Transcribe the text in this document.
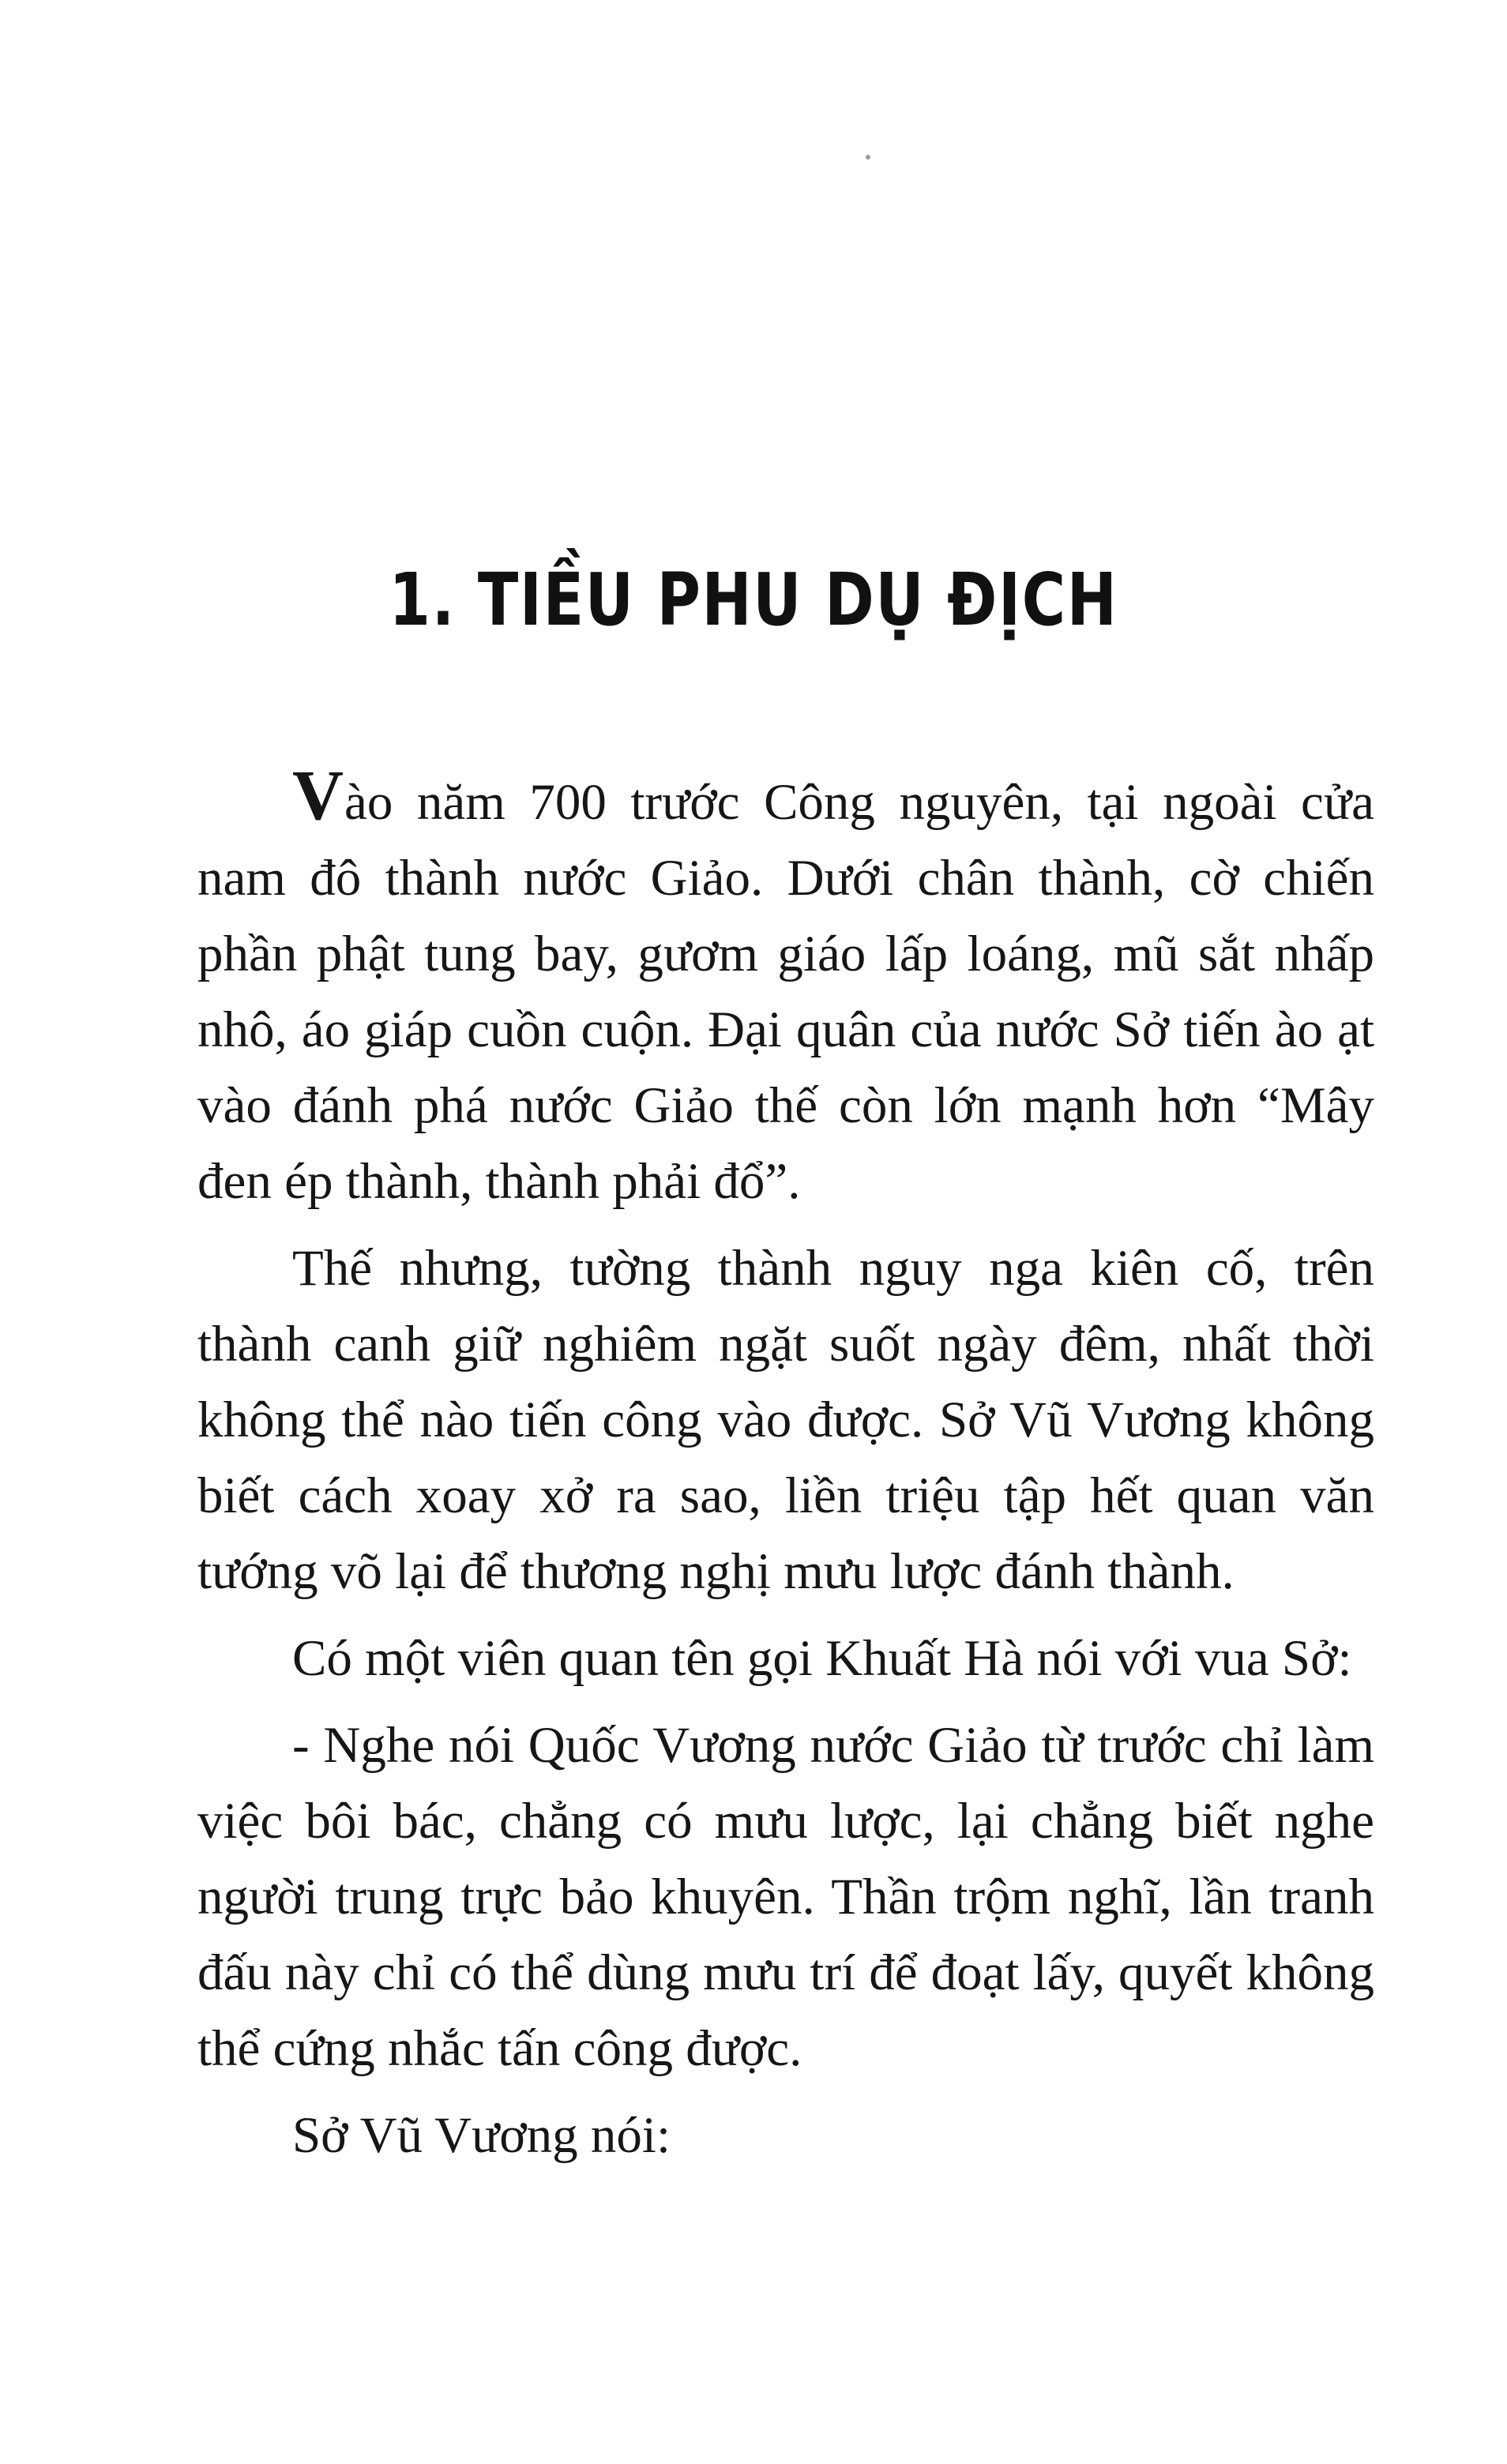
1. TIỀU PHU DỤ ĐỊCH

Vào năm 700 trước Công nguyên, tại ngoài cửa nam đô thành nước Giảo. Dưới chân thành, cờ chiến phần phật tung bay, gươm giáo lấp loáng, mũ sắt nhấp nhô, áo giáp cuồn cuộn. Đại quân của nước Sở tiến ào ạt vào đánh phá nước Giảo thế còn lớn mạnh hơn “Mây đen ép thành, thành phải đổ”.

Thế nhưng, tường thành nguy nga kiên cố, trên thành canh giữ nghiêm ngặt suốt ngày đêm, nhất thời không thể nào tiến công vào được. Sở Vũ Vương không biết cách xoay xở ra sao, liền triệu tập hết quan văn tướng võ lại để thương nghị mưu lược đánh thành.

Có một viên quan tên gọi Khuất Hà nói với vua Sở:

- Nghe nói Quốc Vương nước Giảo từ trước chỉ làm việc bôi bác, chẳng có mưu lược, lại chẳng biết nghe người trung trực bảo khuyên. Thần trộm nghĩ, lần tranh đấu này chỉ có thể dùng mưu trí để đoạt lấy, quyết không thể cứng nhắc tấn công được.

Sở Vũ Vương nói:
